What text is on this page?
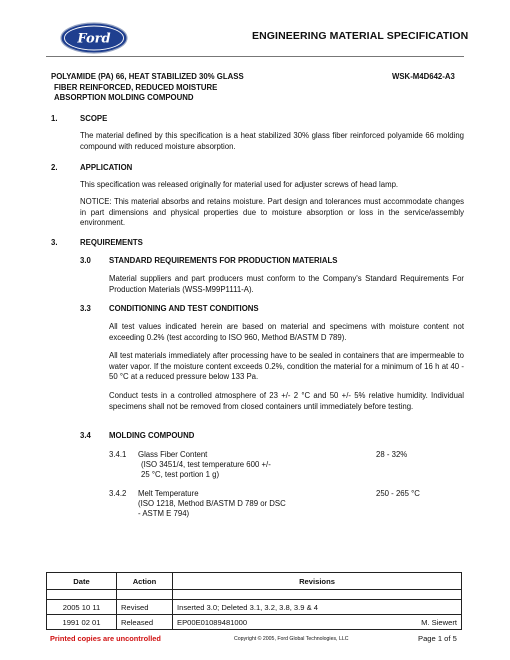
Ford	ENGINEERING MATERIAL SPECIFICATION
POLYAMIDE (PA) 66, HEAT STABILIZED 30% GLASS
FIBER REINFORCED, REDUCED MOISTURE
ABSORPTION MOLDING COMPOUND
WSK-M4D642-A3
1.	SCOPE
The material defined by this specification is a heat stabilized 30% glass fiber reinforced polyamide 66 molding compound with reduced moisture absorption.
2.	APPLICATION
This specification was released originally for material used for adjuster screws of head lamp.
NOTICE: This material absorbs and retains moisture. Part design and tolerances must accommodate changes in part dimensions and physical properties due to moisture absorption or loss in the service/assembly environment.
3.	REQUIREMENTS
3.0 STANDARD REQUIREMENTS FOR PRODUCTION MATERIALS
Material suppliers and part producers must conform to the Company's Standard Requirements For Production Materials (WSS-M99P1111-A).
3.3 CONDITIONING AND TEST CONDITIONS
All test values indicated herein are based on material and specimens with moisture content not exceeding 0.2% (test according to ISO 960, Method B/ASTM D 789).
All test materials immediately after processing have to be sealed in containers that are impermeable to water vapor. If the moisture content exceeds 0.2%, condition the material for a minimum of 16 h at 40 - 50 °C at a reduced pressure below 133 Pa.
Conduct tests in a controlled atmosphere of 23 +/- 2 °C and 50 +/- 5% relative humidity. Individual specimens shall not be removed from closed containers until immediately before testing.
3.4 MOLDING COMPOUND
3.4.1 Glass Fiber Content
(ISO 3451/4, test temperature 600 +/-
25 °C, test portion 1 g)
28 - 32%
3.4.2 Melt Temperature
(ISO 1218, Method B/ASTM D 789 or DSC
- ASTM E 794)
250 - 265 °C
Date	Action	Revisions

2005 10 11	Revised	Inserted 3.0; Deleted 3.1, 3.2, 3.8, 3.9 & 4

1991 02 01	Released	EP00E01089481000 M. Siewert
Printed copies are uncontrolled	Copyright © 2005, Ford Global Technologies, LLC	Page 1 of 5
